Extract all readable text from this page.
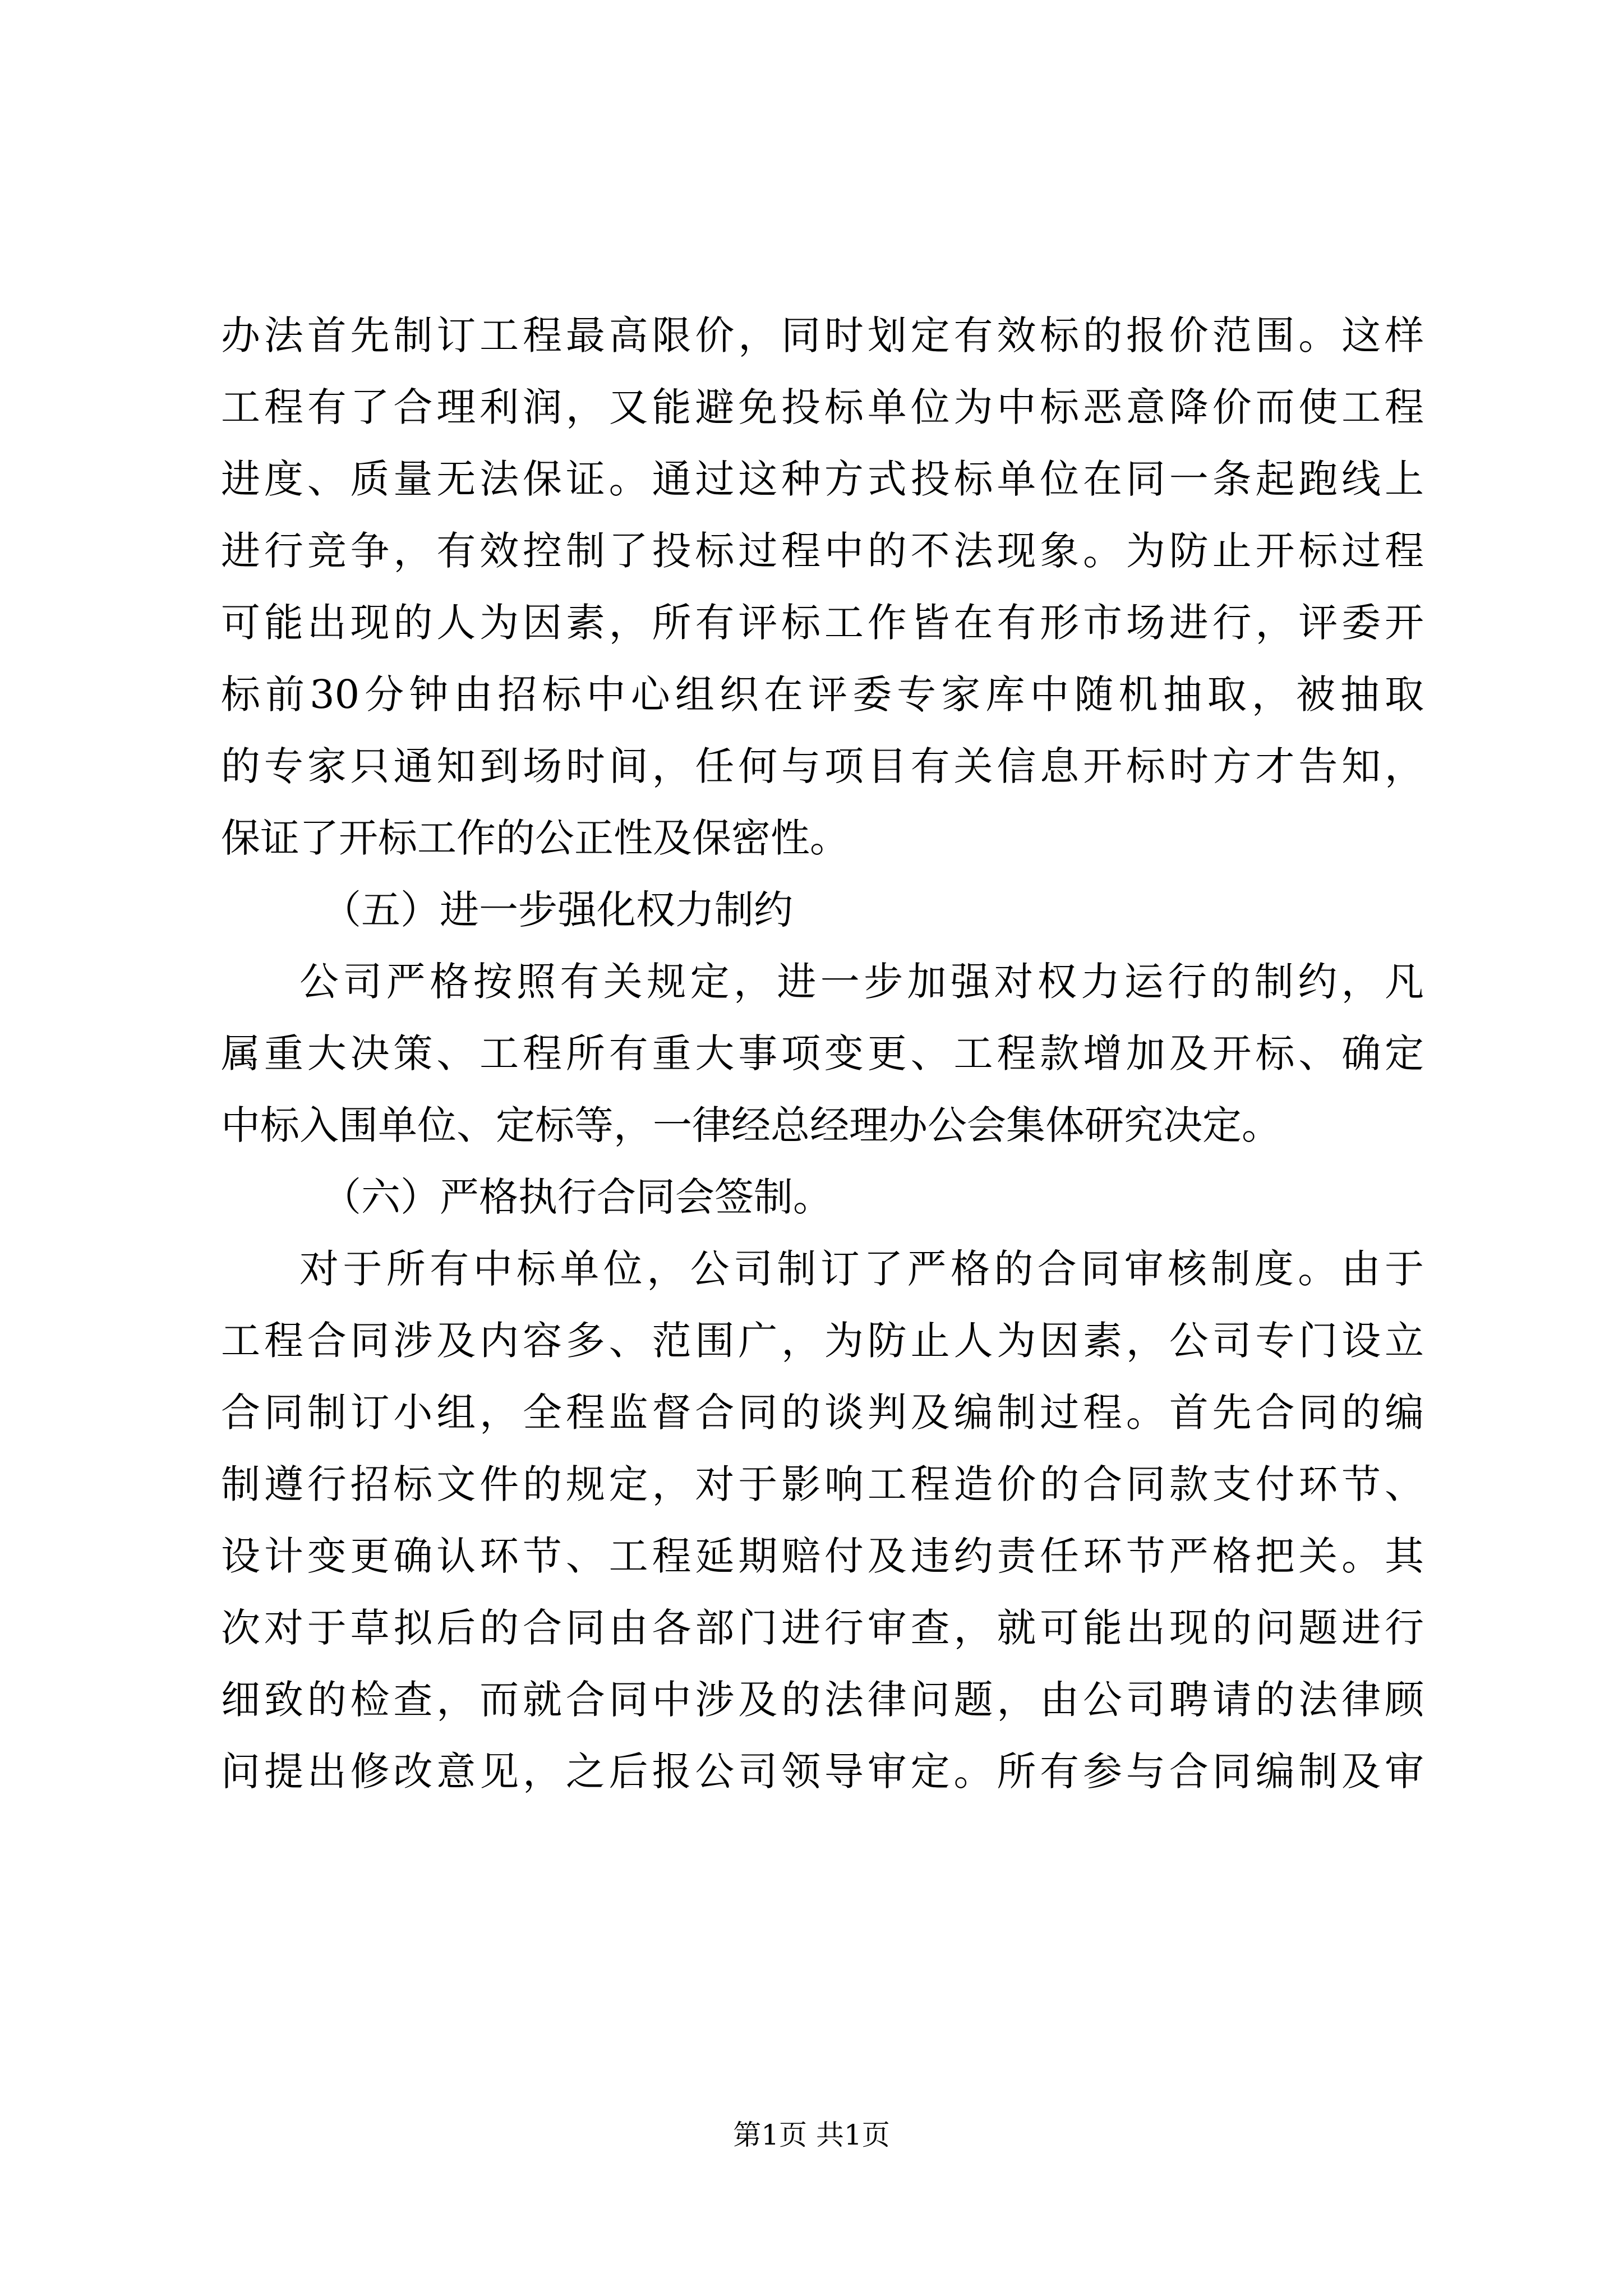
办法首先制订工程最高限价，同时划定有效标的报价范围。这样
工程有了合理利润，又能避免投标单位为中标恶意降价而使工程
进度、质量无法保证。通过这种方式投标单位在同一条起跑线上
进行竞争，有效控制了投标过程中的不法现象。为防止开标过程
可能出现的人为因素，所有评标工作皆在有形市场进行，评委开
标前30分钟由招标中心组织在评委专家库中随机抽取，被抽取
的专家只通知到场时间，任何与项目有关信息开标时方才告知，
保证了开标工作的公正性及保密性。
（五）进一步强化权力制约
公司严格按照有关规定，进一步加强对权力运行的制约，凡
属重大决策、工程所有重大事项变更、工程款增加及开标、确定
中标入围单位、定标等，一律经总经理办公会集体研究决定。
（六）严格执行合同会签制。
对于所有中标单位，公司制订了严格的合同审核制度。由于
工程合同涉及内容多、范围广，为防止人为因素，公司专门设立
合同制订小组，全程监督合同的谈判及编制过程。首先合同的编
制遵行招标文件的规定，对于影响工程造价的合同款支付环节、
设计变更确认环节、工程延期赔付及违约责任环节严格把关。其
次对于草拟后的合同由各部门进行审查，就可能出现的问题进行
细致的检查，而就合同中涉及的法律问题，由公司聘请的法律顾
问提出修改意见，之后报公司领导审定。所有参与合同编制及审
第1页 共1页
